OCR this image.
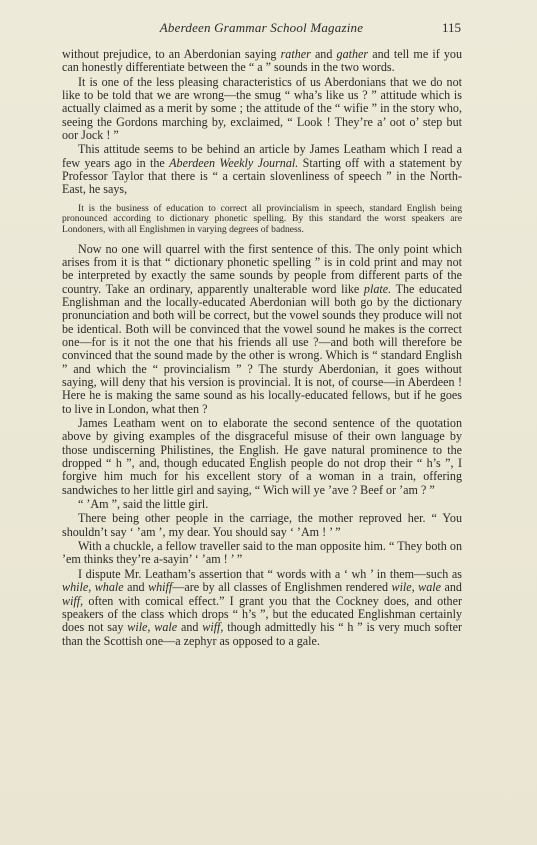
Aberdeen Grammar School Magazine	115

without prejudice, to an Aberdonian saying rather and gather and tell me if you can honestly differentiate between the “ a ” sounds in the two words.

It is one of the less pleasing characteristics of us Aberdonians that we do not like to be told that we are wrong—the smug “ wha’s like us ? ” attitude which is actually claimed as a merit by some ; the attitude of the “ wifie ” in the story who, seeing the Gordons marching by, exclaimed, “ Look ! They’re a’ oot o’ step but oor Jock ! ”

This attitude seems to be behind an article by James Leatham which I read a few years ago in the Aberdeen Weekly Journal. Starting off with a statement by Professor Taylor that there is “ a certain slovenliness of speech ” in the North-East, he says,

It is the business of education to correct all provincialism in speech, standard English being pronounced according to dictionary phonetic spelling. By this standard the worst speakers are Londoners, with all Englishmen in varying degrees of badness.

Now no one will quarrel with the first sentence of this. The only point which arises from it is that “ dictionary phonetic spelling ” is in cold print and may not be interpreted by exactly the same sounds by people from different parts of the country. Take an ordinary, apparently unalterable word like plate. The educated Englishman and the locally-educated Aberdonian will both go by the dictionary pronunciation and both will be correct, but the vowel sounds they produce will not be identical. Both will be convinced that the vowel sound he makes is the correct one—for is it not the one that his friends all use ?—and both will therefore be convinced that the sound made by the other is wrong. Which is “ standard English ” and which the “ provincialism ” ? The sturdy Aberdonian, it goes without saying, will deny that his version is provincial. It is not, of course—in Aberdeen ! Here he is making the same sound as his locally-educated fellows, but if he goes to live in London, what then ?

James Leatham went on to elaborate the second sentence of the quotation above by giving examples of the disgraceful misuse of their own language by those undiscerning Philistines, the English. He gave natural prominence to the dropped “ h ”, and, though educated English people do not drop their “ h’s ”, I forgive him much for his excellent story of a woman in a train, offering sandwiches to her little girl and saying, “ Wich will ye ’ave ? Beef or ’am ? ”

“ ’Am ”, said the little girl.

There being other people in the carriage, the mother reproved her. “ You shouldn’t say ‘ ’am ’, my dear. You should say ‘ ’Am ! ’ ”

With a chuckle, a fellow traveller said to the man opposite him. “ They both on ’em thinks they’re a-sayin’ ‘ ’am ! ’ ”

I dispute Mr. Leatham’s assertion that “ words with a ‘ wh ’ in them—such as while, whale and whiff—are by all classes of Englishmen rendered wile, wale and wiff, often with comical effect.” I grant you that the Cockney does, and other speakers of the class which drops “ h’s ”, but the educated Englishman certainly does not say wile, wale and wiff, though admittedly his “ h ” is very much softer than the Scottish one—a zephyr as opposed to a gale.
